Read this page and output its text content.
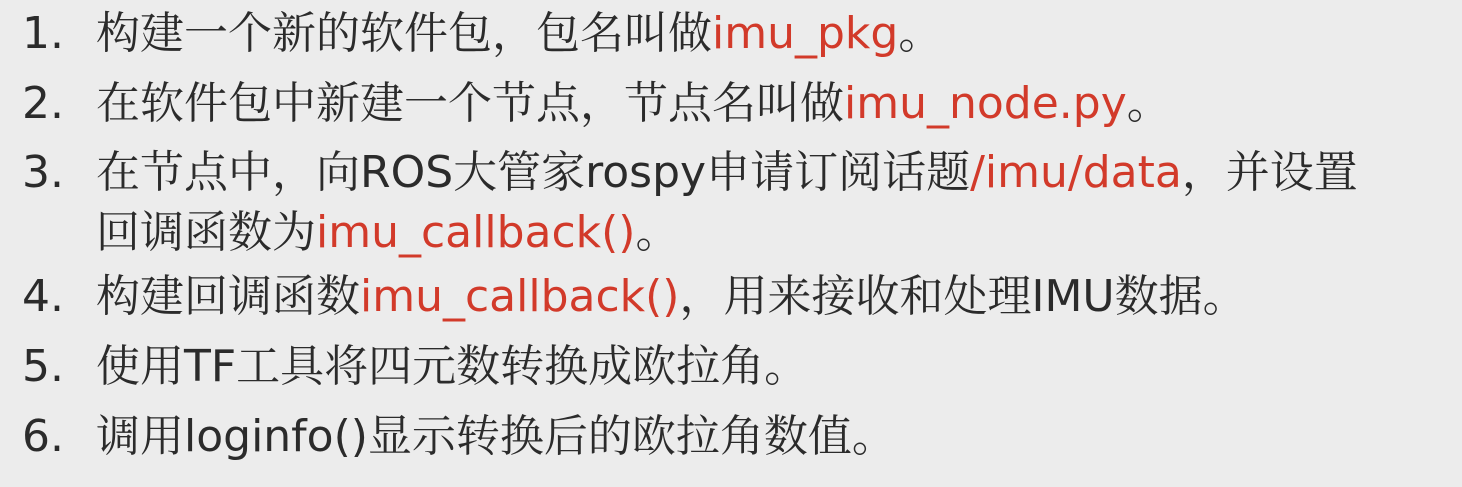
1. 构建一个新的软件包，包名叫做imu_pkg。
2. 在软件包中新建一个节点，节点名叫做imu_node.py。
3. 在节点中，向ROS大管家rospy申请订阅话题/imu/data，并设置
回调函数为imu_callback()。
4. 构建回调函数imu_callback()，用来接收和处理IMU数据。
5. 使用TF工具将四元数转换成欧拉角。
6. 调用loginfo()显示转换后的欧拉角数值。
